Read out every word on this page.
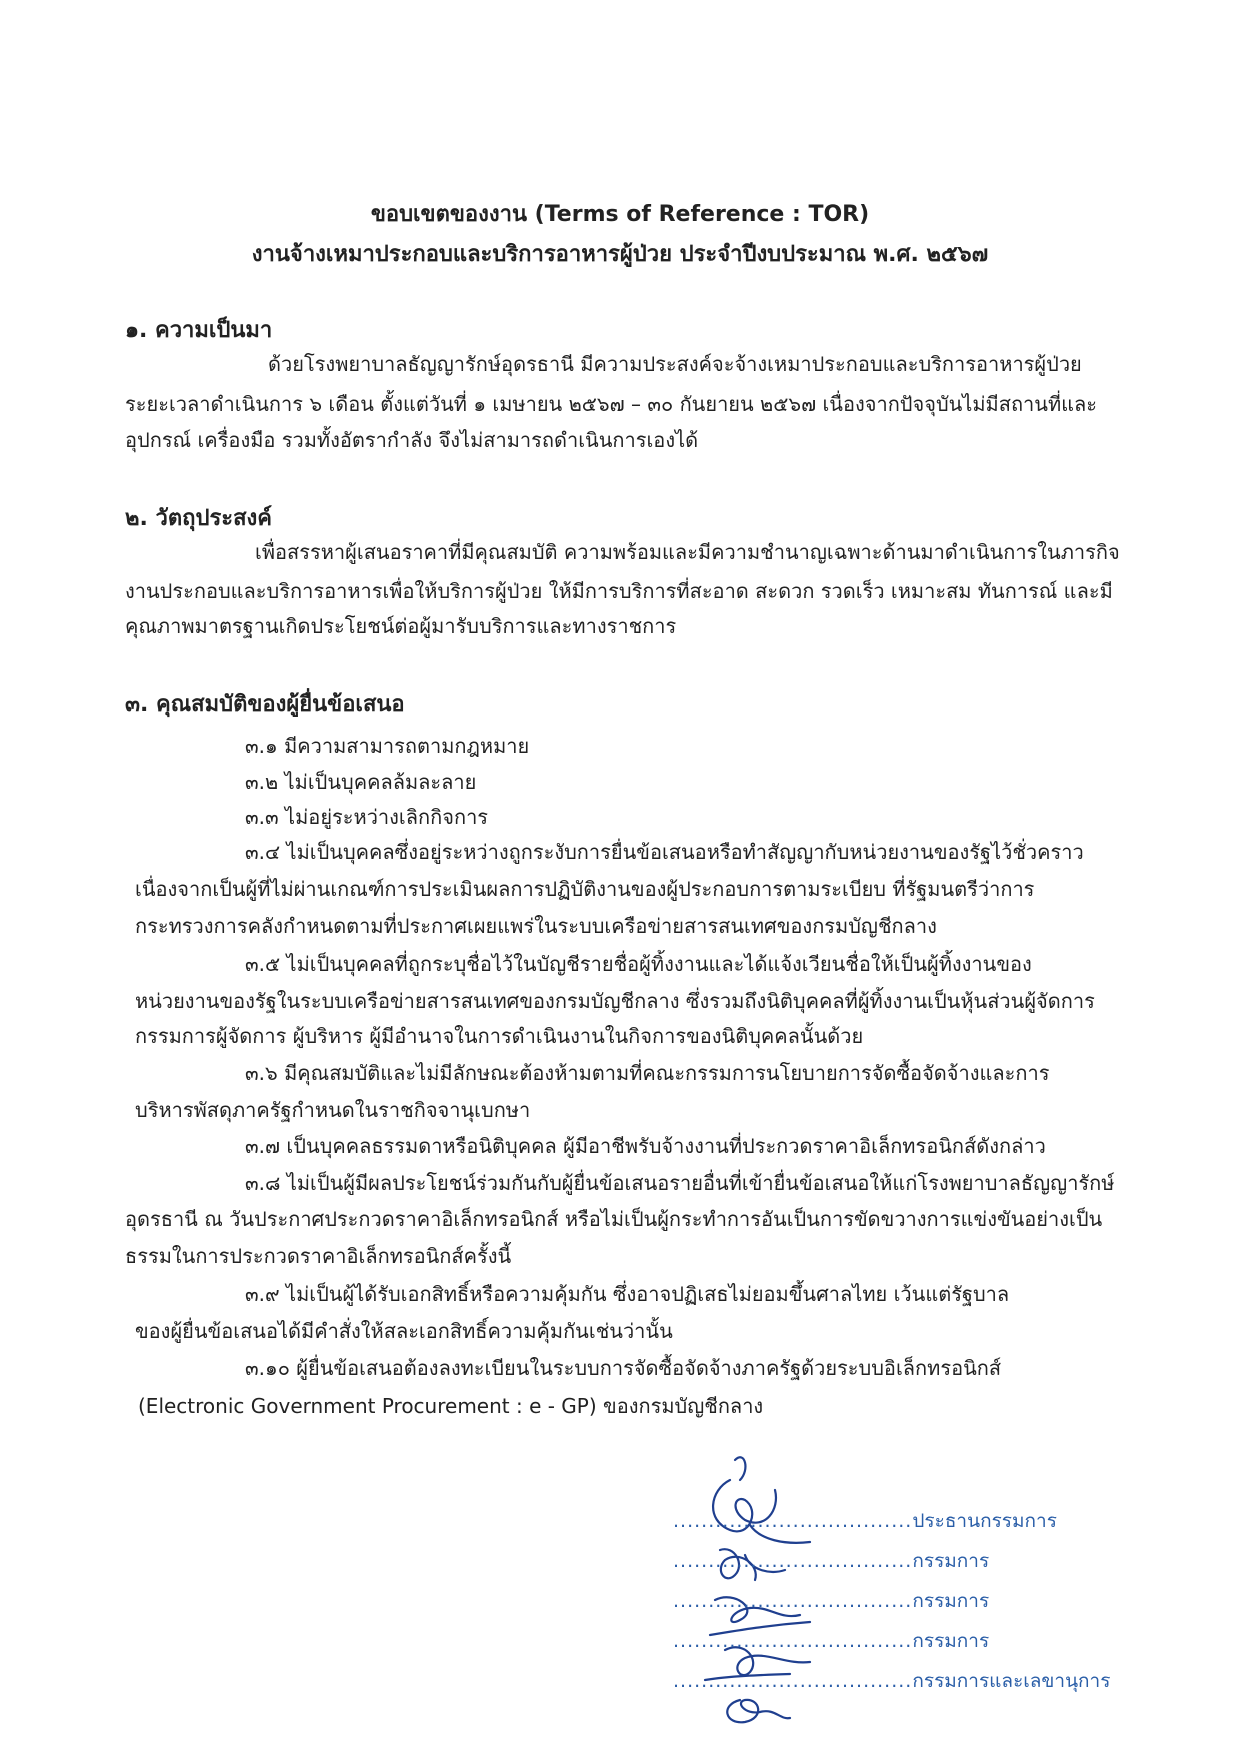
ขอบเขตของงาน (Terms of Reference : TOR)
งานจ้างเหมาประกอบและบริการอาหารผู้ป่วย ประจำปีงบประมาณ พ.ศ. ๒๕๖๗
๑. ความเป็นมา
ด้วยโรงพยาบาลธัญญารักษ์อุดรธานี มีความประสงค์จะจ้างเหมาประกอบและบริการอาหารผู้ป่วย
ระยะเวลาดำเนินการ ๖ เดือน ตั้งแต่วันที่ ๑ เมษายน ๒๕๖๗ – ๓๐ กันยายน ๒๕๖๗ เนื่องจากปัจจุบันไม่มีสถานที่และ
อุปกรณ์ เครื่องมือ รวมทั้งอัตรากำลัง จึงไม่สามารถดำเนินการเองได้
๒. วัตถุประสงค์
เพื่อสรรหาผู้เสนอราคาที่มีคุณสมบัติ ความพร้อมและมีความชำนาญเฉพาะด้านมาดำเนินการในภารกิจ
งานประกอบและบริการอาหารเพื่อให้บริการผู้ป่วย ให้มีการบริการที่สะอาด สะดวก รวดเร็ว เหมาะสม ทันการณ์ และมี
คุณภาพมาตรฐานเกิดประโยชน์ต่อผู้มารับบริการและทางราชการ
๓. คุณสมบัติของผู้ยื่นข้อเสนอ
๓.๑ มีความสามารถตามกฎหมาย
๓.๒ ไม่เป็นบุคคลล้มละลาย
๓.๓ ไม่อยู่ระหว่างเลิกกิจการ
๓.๔ ไม่เป็นบุคคลซึ่งอยู่ระหว่างถูกระงับการยื่นข้อเสนอหรือทำสัญญากับหน่วยงานของรัฐไว้ชั่วคราว
เนื่องจากเป็นผู้ที่ไม่ผ่านเกณฑ์การประเมินผลการปฏิบัติงานของผู้ประกอบการตามระเบียบ ที่รัฐมนตรีว่าการ
กระทรวงการคลังกำหนดตามที่ประกาศเผยแพร่ในระบบเครือข่ายสารสนเทศของกรมบัญชีกลาง
๓.๕ ไม่เป็นบุคคลที่ถูกระบุชื่อไว้ในบัญชีรายชื่อผู้ทิ้งงานและได้แจ้งเวียนชื่อให้เป็นผู้ทิ้งงานของ
หน่วยงานของรัฐในระบบเครือข่ายสารสนเทศของกรมบัญชีกลาง ซึ่งรวมถึงนิติบุคคลที่ผู้ทิ้งงานเป็นหุ้นส่วนผู้จัดการ
กรรมการผู้จัดการ ผู้บริหาร ผู้มีอำนาจในการดำเนินงานในกิจการของนิติบุคคลนั้นด้วย
๓.๖ มีคุณสมบัติและไม่มีลักษณะต้องห้ามตามที่คณะกรรมการนโยบายการจัดซื้อจัดจ้างและการ
บริหารพัสดุภาครัฐกำหนดในราชกิจจานุเบกษา
๓.๗ เป็นบุคคลธรรมดาหรือนิติบุคคล ผู้มีอาชีพรับจ้างงานที่ประกวดราคาอิเล็กทรอนิกส์ดังกล่าว
๓.๘ ไม่เป็นผู้มีผลประโยชน์ร่วมกันกับผู้ยื่นข้อเสนอรายอื่นที่เข้ายื่นข้อเสนอให้แก่โรงพยาบาลธัญญารักษ์
อุดรธานี ณ วันประกาศประกวดราคาอิเล็กทรอนิกส์ หรือไม่เป็นผู้กระทำการอันเป็นการขัดขวางการแข่งขันอย่างเป็น
ธรรมในการประกวดราคาอิเล็กทรอนิกส์ครั้งนี้
๓.๙ ไม่เป็นผู้ได้รับเอกสิทธิ์หรือความคุ้มกัน ซึ่งอาจปฏิเสธไม่ยอมขึ้นศาลไทย เว้นแต่รัฐบาล
ของผู้ยื่นข้อเสนอได้มีคำสั่งให้สละเอกสิทธิ์ความคุ้มกันเช่นว่านั้น
๓.๑๐ ผู้ยื่นข้อเสนอต้องลงทะเบียนในระบบการจัดซื้อจัดจ้างภาครัฐด้วยระบบอิเล็กทรอนิกส์
(Electronic Government Procurement : e - GP) ของกรมบัญชีกลาง
..................................ประธานกรรมการ
..................................กรรมการ
..................................กรรมการ
..................................กรรมการ
..................................กรรมการและเลขานุการ
